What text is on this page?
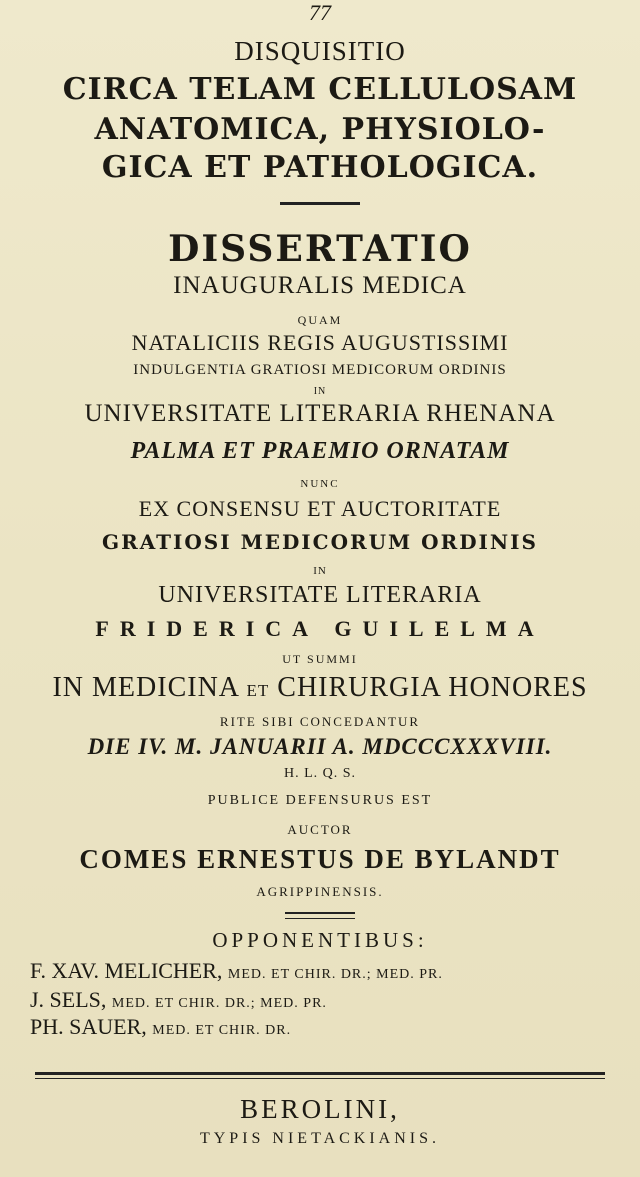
77
DISQUISITIO
CIRCA TELAM CELLULOSAM
ANATOMICA, PHYSIOLO-
GICA ET PATHOLOGICA.
DISSERTATIO
INAUGURALIS MEDICA
QUAM
NATALICIIS REGIS AUGUSTISSIMI
INDULGENTIA GRATIOSI MEDICORUM ORDINIS
IN
UNIVERSITATE LITERARIA RHENANA
PALMA ET PRAEMIO ORNATAM
NUNC
EX CONSENSU ET AUCTORITATE
GRATIOSI MEDICORUM ORDINIS
IN
UNIVERSITATE LITERARIA
FRIDERICA GUILELMA
UT SUMMI
IN MEDICINA ET CHIRURGIA HONORES
RITE SIBI CONCEDANTUR
DIE IV. M. JANUARII A. MDCCCXXXVIII.
H. L. Q. S.
PUBLICE DEFENSURUS EST
AUCTOR
COMES ERNESTUS DE BYLANDT
AGRIPPINENSIS.
OPPONENTIBUS:
F. XAV. MELICHER, MED. ET CHIR. DR.; MED. PR.
J. SELS, MED. ET CHIR. DR.; MED. PR.
PH. SAUER, MED. ET CHIR. DR.
BEROLINI,
TYPIS NIETACKIANIS.
